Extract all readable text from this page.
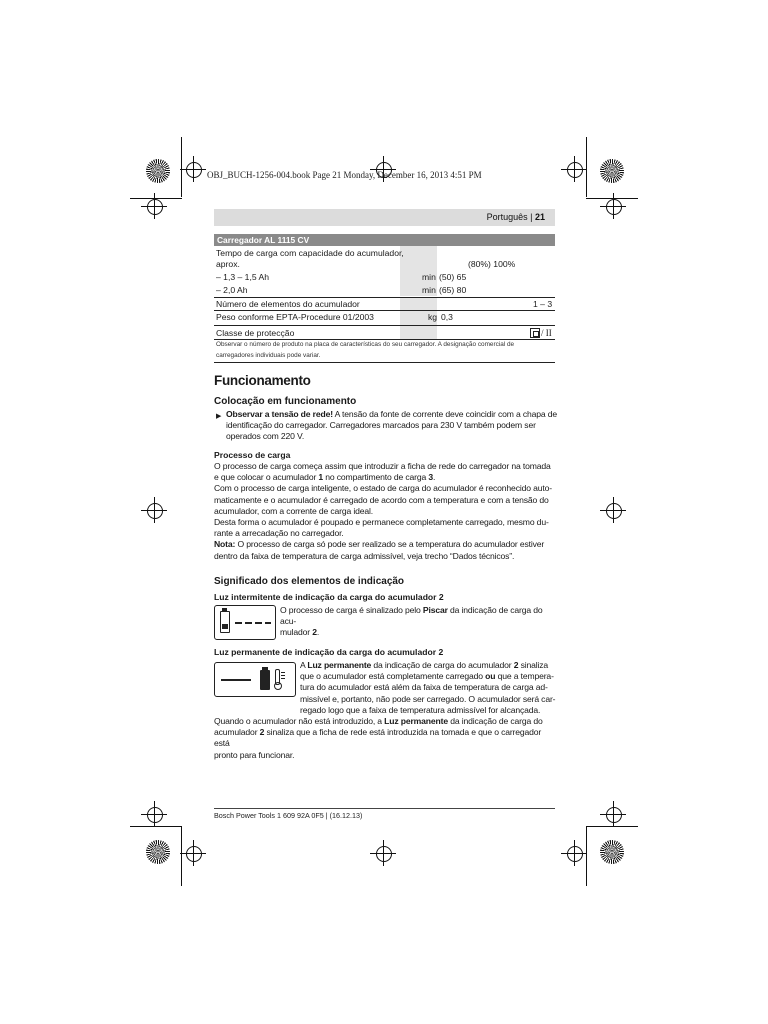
OBJ_BUCH-1256-004.book Page 21 Monday, December 16, 2013 4:51 PM
Português | 21
Carregador AL 1115 CV
Tempo de carga com capacidade do acumulador,
aprox.	(80%) 100%
– 1,3 – 1,5 Ah	min (50) 65
– 2,0 Ah	min (65) 80
Número de elementos do acumulador	1 – 3
Peso conforme EPTA-Procedure 01/2003	kg 0,3
Classe de protecção	/ II
Observar o número de produto na placa de características do seu carregador. A designação comercial de
carregadores individuais pode variar.
Funcionamento
Colocação em funcionamento
▶ Observar a tensão de rede! A tensão da fonte de corrente deve coincidir com a chapa de
identificação do carregador. Carregadores marcados para 230 V também podem ser
operados com 220 V.
Processo de carga
O processo de carga começa assim que introduzir a ficha de rede do carregador na tomada
e que colocar o acumulador 1 no compartimento de carga 3.
Com o processo de carga inteligente, o estado de carga do acumulador é reconhecido auto-
maticamente e o acumulador é carregado de acordo com a temperatura e com a tensão do
acumulador, com a corrente de carga ideal.
Desta forma o acumulador é poupado e permanece completamente carregado, mesmo du-
rante a arrecadação no carregador.
Nota: O processo de carga só pode ser realizado se a temperatura do acumulador estiver
dentro da faixa de temperatura de carga admissível, veja trecho “Dados técnicos”.
Significado dos elementos de indicação
Luz intermitente de indicação da carga do acumulador 2
O processo de carga é sinalizado pelo Piscar da indicação de carga do acu-
mulador 2.
Luz permanente de indicação da carga do acumulador 2
A Luz permanente da indicação de carga do acumulador 2 sinaliza
que o acumulador está completamente carregado ou que a tempera-
tura do acumulador está além da faixa de temperatura de carga ad-
missível e, portanto, não pode ser carregado. O acumulador será car-
regado logo que a faixa de temperatura admissível for alcançada.
Quando o acumulador não está introduzido, a Luz permanente da indicação de carga do
acumulador 2 sinaliza que a ficha de rede está introduzida na tomada e que o carregador está
pronto para funcionar.
Bosch Power Tools 1 609 92A 0F5 | (16.12.13)
